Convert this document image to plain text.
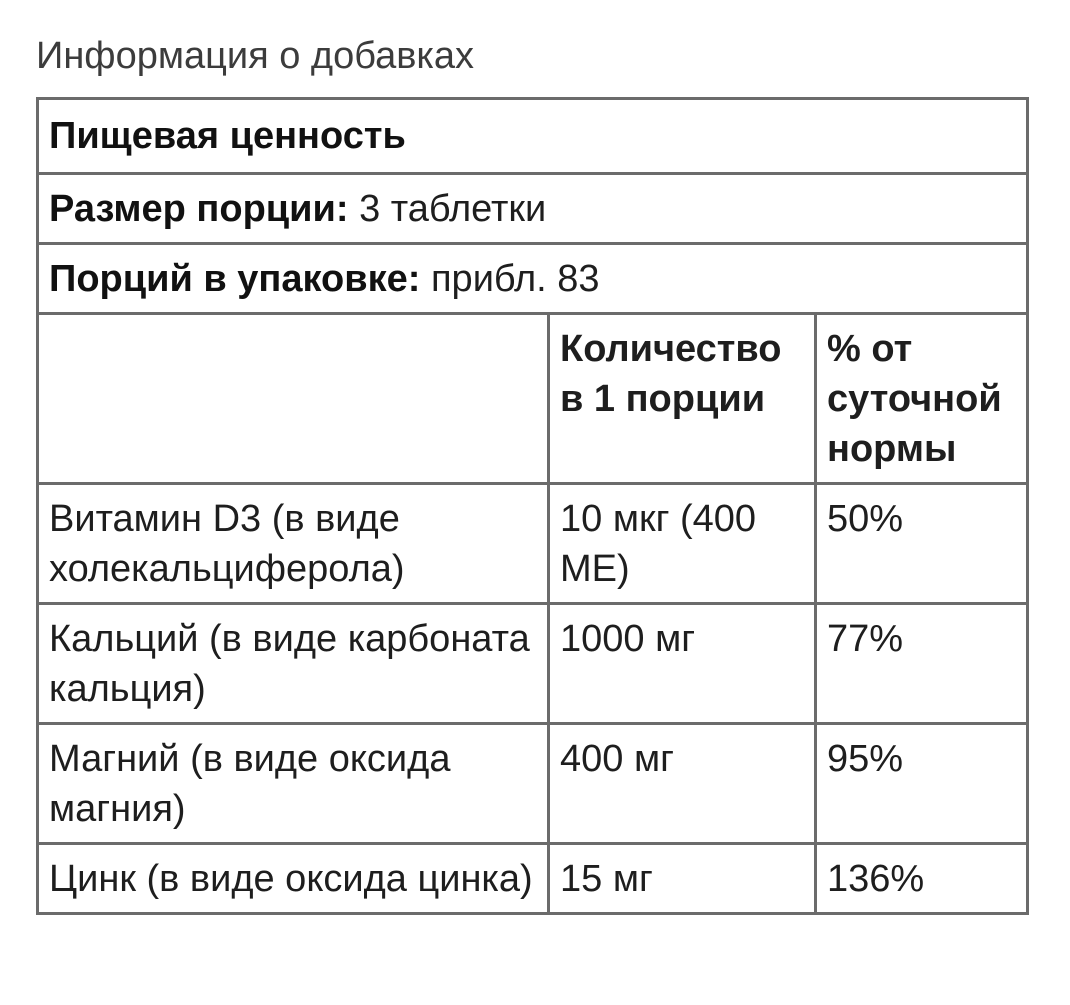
Информация о добавках
Пищевая ценность		
Размер порции: 3 таблетки		
Порций в упаковке: прибл. 83		
	Количество в 1 порции	% от суточной нормы
Витамин D3 (в виде холекальциферола)	10 мкг (400 МЕ)	50%
Кальций (в виде карбоната кальция)	1000 мг	77%
Магний (в виде оксида магния)	400 мг	95%
Цинк (в виде оксида цинка)	15 мг	136%
